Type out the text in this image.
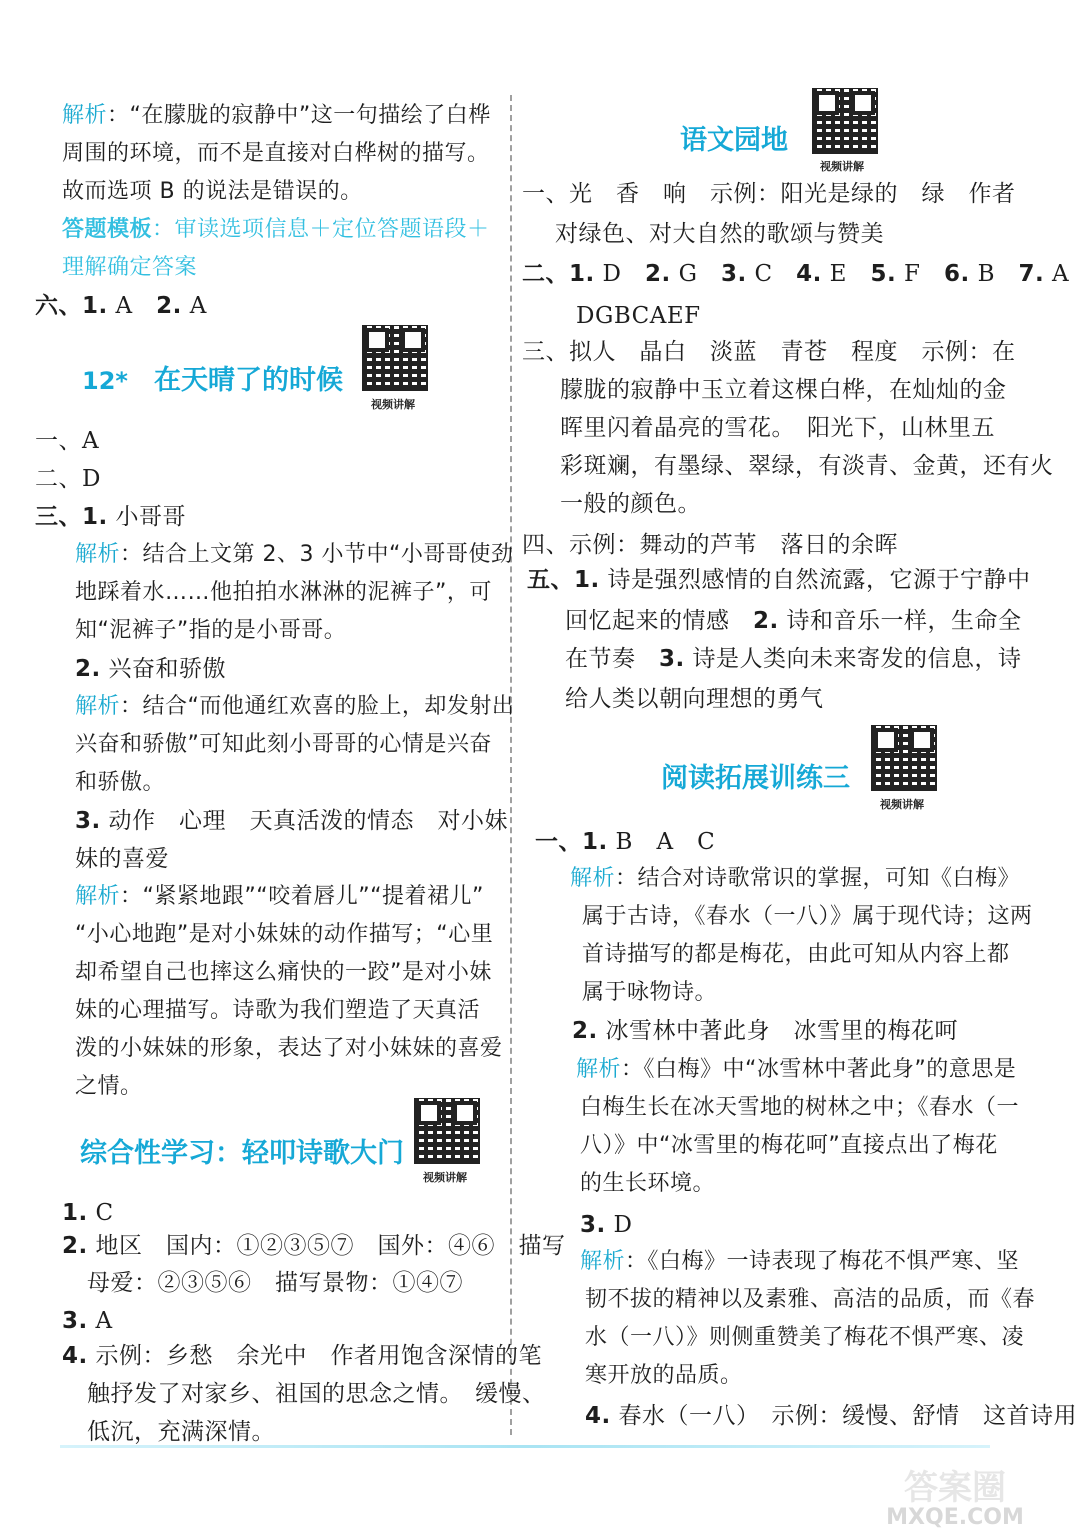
解析：“在朦胧的寂静中”这一句描绘了白桦
周围的环境，而不是直接对白桦树的描写。
故而选项 B 的说法是错误的。
答题模板：审读选项信息＋定位答题语段＋
理解确定答案
六、1. A　2. A
12* 在天晴了的时候
视频讲解
一、A
二、D
三、1. 小哥哥
解析：结合上文第 2、3 小节中“小哥哥使劲
地踩着水……他拍拍水淋淋的泥裤子”，可
知“泥裤子”指的是小哥哥。
2. 兴奋和骄傲
解析：结合“而他通红欢喜的脸上，却发射出
兴奋和骄傲”可知此刻小哥哥的心情是兴奋
和骄傲。
3. 动作　心理　天真活泼的情态　对小妹
妹的喜爱
解析：“紧紧地跟”“咬着唇儿”“提着裙儿”
“小心地跑”是对小妹妹的动作描写；“心里
却希望自己也摔这么痛快的一跤”是对小妹
妹的心理描写。诗歌为我们塑造了天真活
泼的小妹妹的形象，表达了对小妹妹的喜爱
之情。
综合性学习：轻叩诗歌大门
视频讲解
1. C
2. 地区　国内：①②③⑤⑦　国外：④⑥　描写
母爱：②③⑤⑥　描写景物：①④⑦
3. A
4. 示例：乡愁　余光中　作者用饱含深情的笔
触抒发了对家乡、祖国的思念之情。　缓慢、
低沉，充满深情。
语文园地
视频讲解
一、光　香　响　示例：阳光是绿的　绿　作者
对绿色、对大自然的歌颂与赞美
二、1. D　2. G　3. C　4. E　5. F　6. B　7. A
DGBCAEF
三、拟人　晶白　淡蓝　青苍　程度　示例：在
朦胧的寂静中玉立着这棵白桦，在灿灿的金
晖里闪着晶亮的雪花。　阳光下，山林里五
彩斑斓，有墨绿、翠绿，有淡青、金黄，还有火
一般的颜色。
四、示例：舞动的芦苇　落日的余晖
五、1. 诗是强烈感情的自然流露，它源于宁静中
回忆起来的情感　2. 诗和音乐一样，生命全
在节奏　3. 诗是人类向未来寄发的信息，诗
给人类以朝向理想的勇气
阅读拓展训练三
视频讲解
一、1. B　A　C
解析：结合对诗歌常识的掌握，可知《白梅》
属于古诗，《春水（一八）》属于现代诗；这两
首诗描写的都是梅花，由此可知从内容上都
属于咏物诗。
2. 冰雪林中著此身　冰雪里的梅花呵
解析：《白梅》中“冰雪林中著此身”的意思是
白梅生长在冰天雪地的树林之中；《春水（一
八）》中“冰雪里的梅花呵”直接点出了梅花
的生长环境。
3. D
解析：《白梅》一诗表现了梅花不惧严寒、坚
韧不拔的精神以及素雅、高洁的品质，而《春
水（一八）》则侧重赞美了梅花不惧严寒、凌
寒开放的品质。
4. 春水（一八）　示例：缓慢、舒情　这首诗用
答案圈
MXQE.COM
